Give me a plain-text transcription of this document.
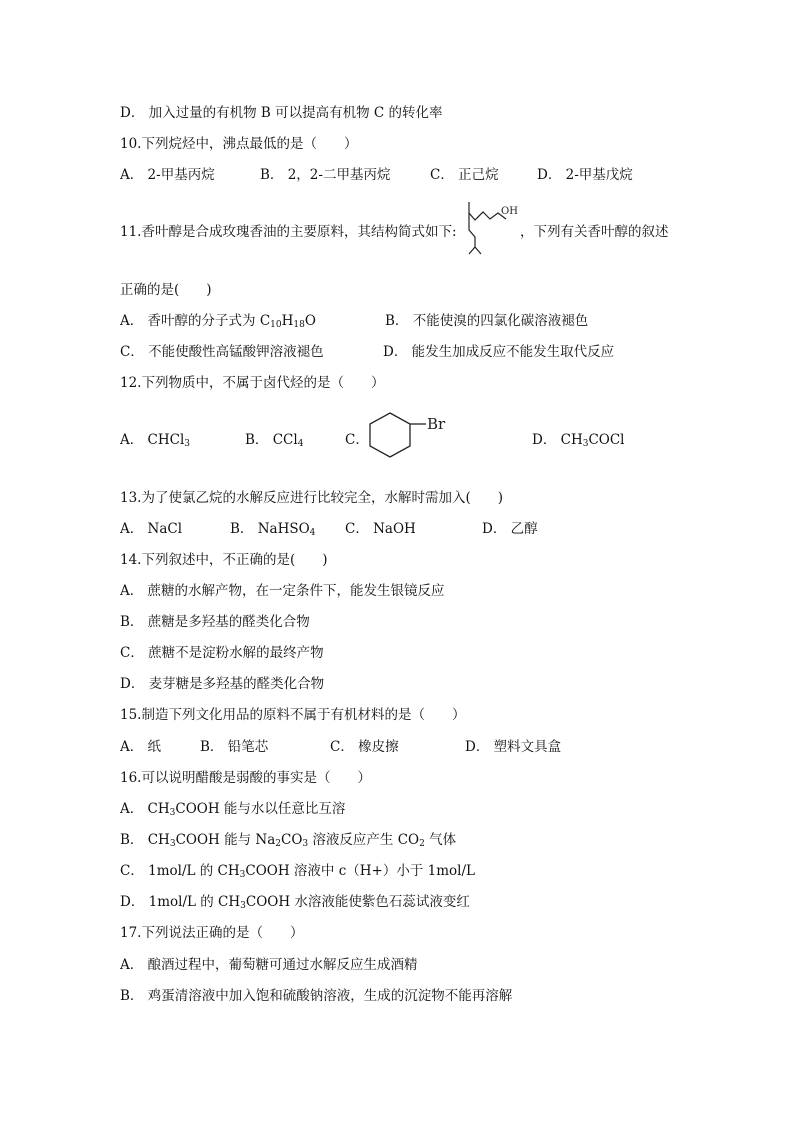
D． 加入过量的有机物 B 可以提高有机物 C 的转化率
10.下列烷烃中，沸点最低的是（　　）
A． 2-甲基丙烷	B． 2，2-二甲基丙烷	C． 正己烷	D． 2-甲基戊烷
11.香叶醇是合成玫瑰香油的主要原料，其结构简式如下:
OH
，下列有关香叶醇的叙述
正确的是(　　)
A． 香叶醇的分子式为 $C_{10}H_{18}O$	B． 不能使溴的四氯化碳溶液褪色
C． 不能使酸性高锰酸钾溶液褪色	D． 能发生加成反应不能发生取代反应
12.下列物质中，不属于卤代烃的是（　　）
A． CHCl$_3$	B． CCl$_4$	C．
Br
D． $CH_3COCl$
13.为了使氯乙烷的水解反应进行比较完全，水解时需加入(　　)
A． NaCl	B． NaHSO$_4$ C． NaOH	D． 乙醇
14.下列叙述中，不正确的是(　　)
A． 蔗糖的水解产物，在一定条件下，能发生银镜反应
B． 蔗糖是多羟基的醛类化合物
C． 蔗糖不是淀粉水解的最终产物
D． 麦芽糖是多羟基的醛类化合物
15.制造下列文化用品的原料不属于有机材料的是（　　）
A． 纸	B． 铅笔芯	C． 橡皮擦	D． 塑料文具盒
16.可以说明醋酸是弱酸的事实是（　　）
A． $CH_3COOH$ 能与水以任意比互溶
B． $CH_3COOH$ 能与 $Na_2CO_3$ 溶液反应产生 $CO_2$ 气体
C． 1mol/L 的 $CH_3COOH$ 溶液中 c（H+）小于 1mol/L
D． 1mol/L 的 $CH_3COOH$ 水溶液能使紫色石蕊试液变红
17.下列说法正确的是（　　）
A． 酿酒过程中，葡萄糖可通过水解反应生成酒精
B． 鸡蛋清溶液中加入饱和硫酸钠溶液，生成的沉淀物不能再溶解
